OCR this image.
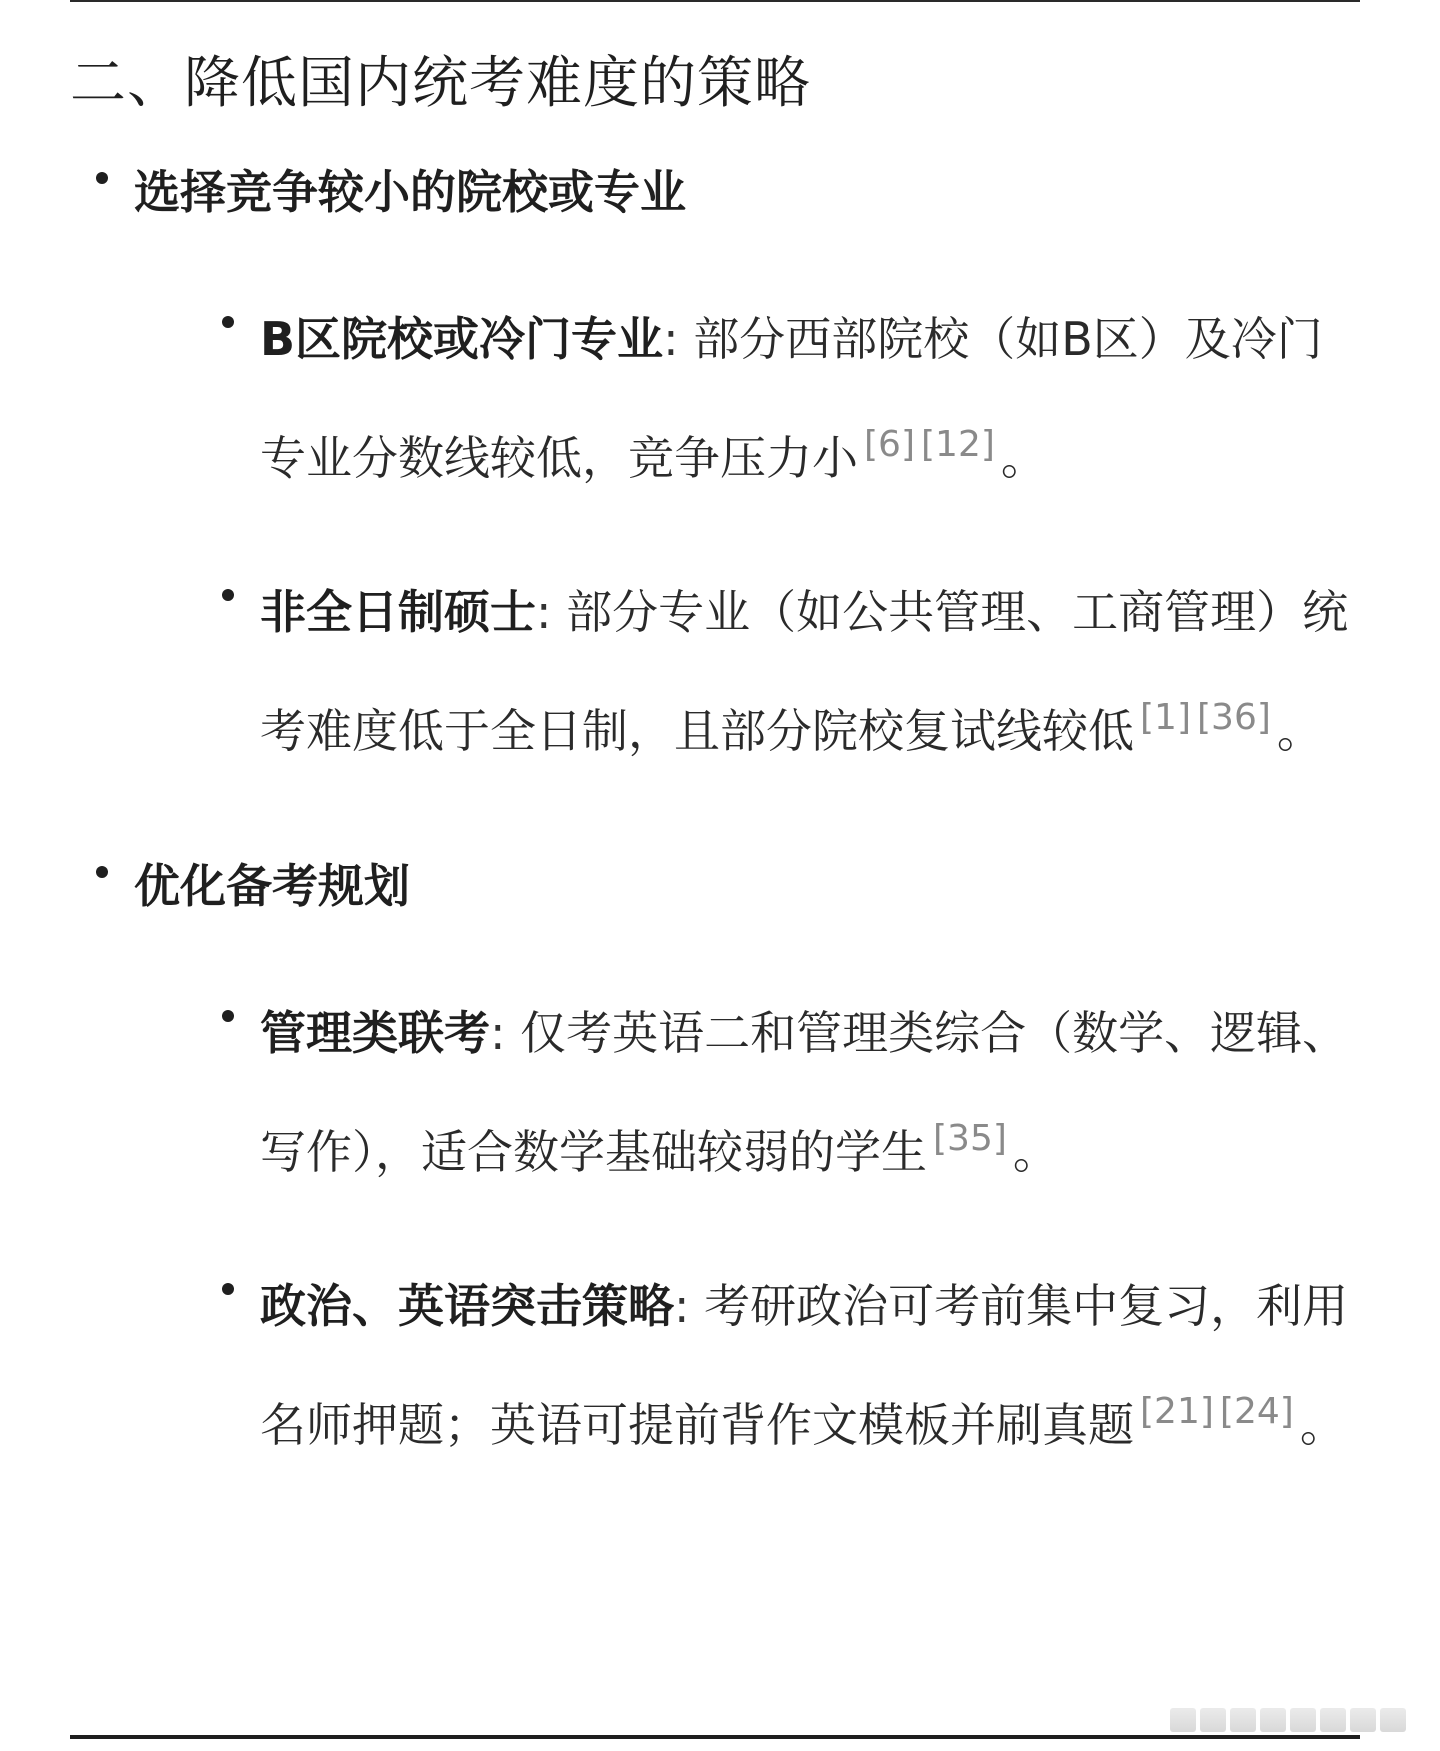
二、降低国内统考难度的策略
选择竞争较小的院校或专业

B区院校或冷门专业: 部分西部院校（如B区）及冷门专业分数线较低，竞争压力小 [6] [12] 。

非全日制硕士: 部分专业（如公共管理、工商管理）统考难度低于全日制，且部分院校复试线较低 [1] [36] 。

优化备考规划

管理类联考: 仅考英语二和管理类综合（数学、逻辑、写作），适合数学基础较弱的学生 [35] 。

政治、英语突击策略: 考研政治可考前集中复习，利用名师押题；英语可提前背作文模板并刷真题 [21] [24] 。
